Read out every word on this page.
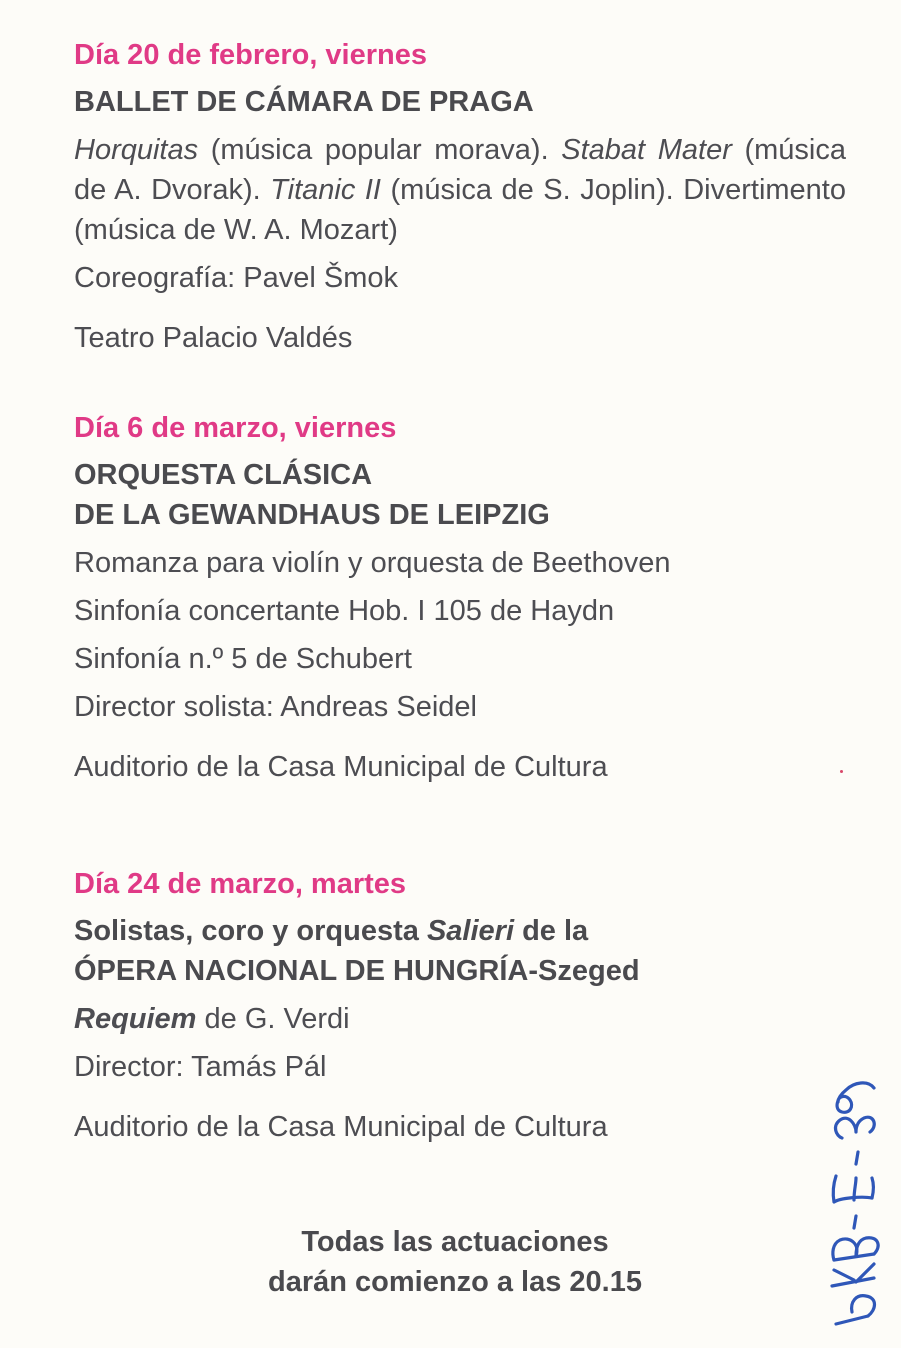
Día 20 de febrero, viernes

BALLET DE CÁMARA DE PRAGA

Horquitas (música popular morava). Stabat Mater (música de A. Dvorak). Titanic II (música de S. Joplin). Divertimento (música de W. A. Mozart)

Coreografía: Pavel Šmok

Teatro Palacio Valdés

Día 6 de marzo, viernes

ORQUESTA CLÁSICA

DE LA GEWANDHAUS DE LEIPZIG

Romanza para violín y orquesta de Beethoven

Sinfonía concertante Hob. I 105 de Haydn

Sinfonía n.º 5 de Schubert

Director solista: Andreas Seidel

Auditorio de la Casa Municipal de Cultura

Día 24 de marzo, martes

Solistas, coro y orquesta Salieri de la

ÓPERA NACIONAL DE HUNGRÍA-Szeged

Requiem de G. Verdi

Director: Tamás Pál

Auditorio de la Casa Municipal de Cultura

Todas las actuaciones
darán comienzo a las 20.15
